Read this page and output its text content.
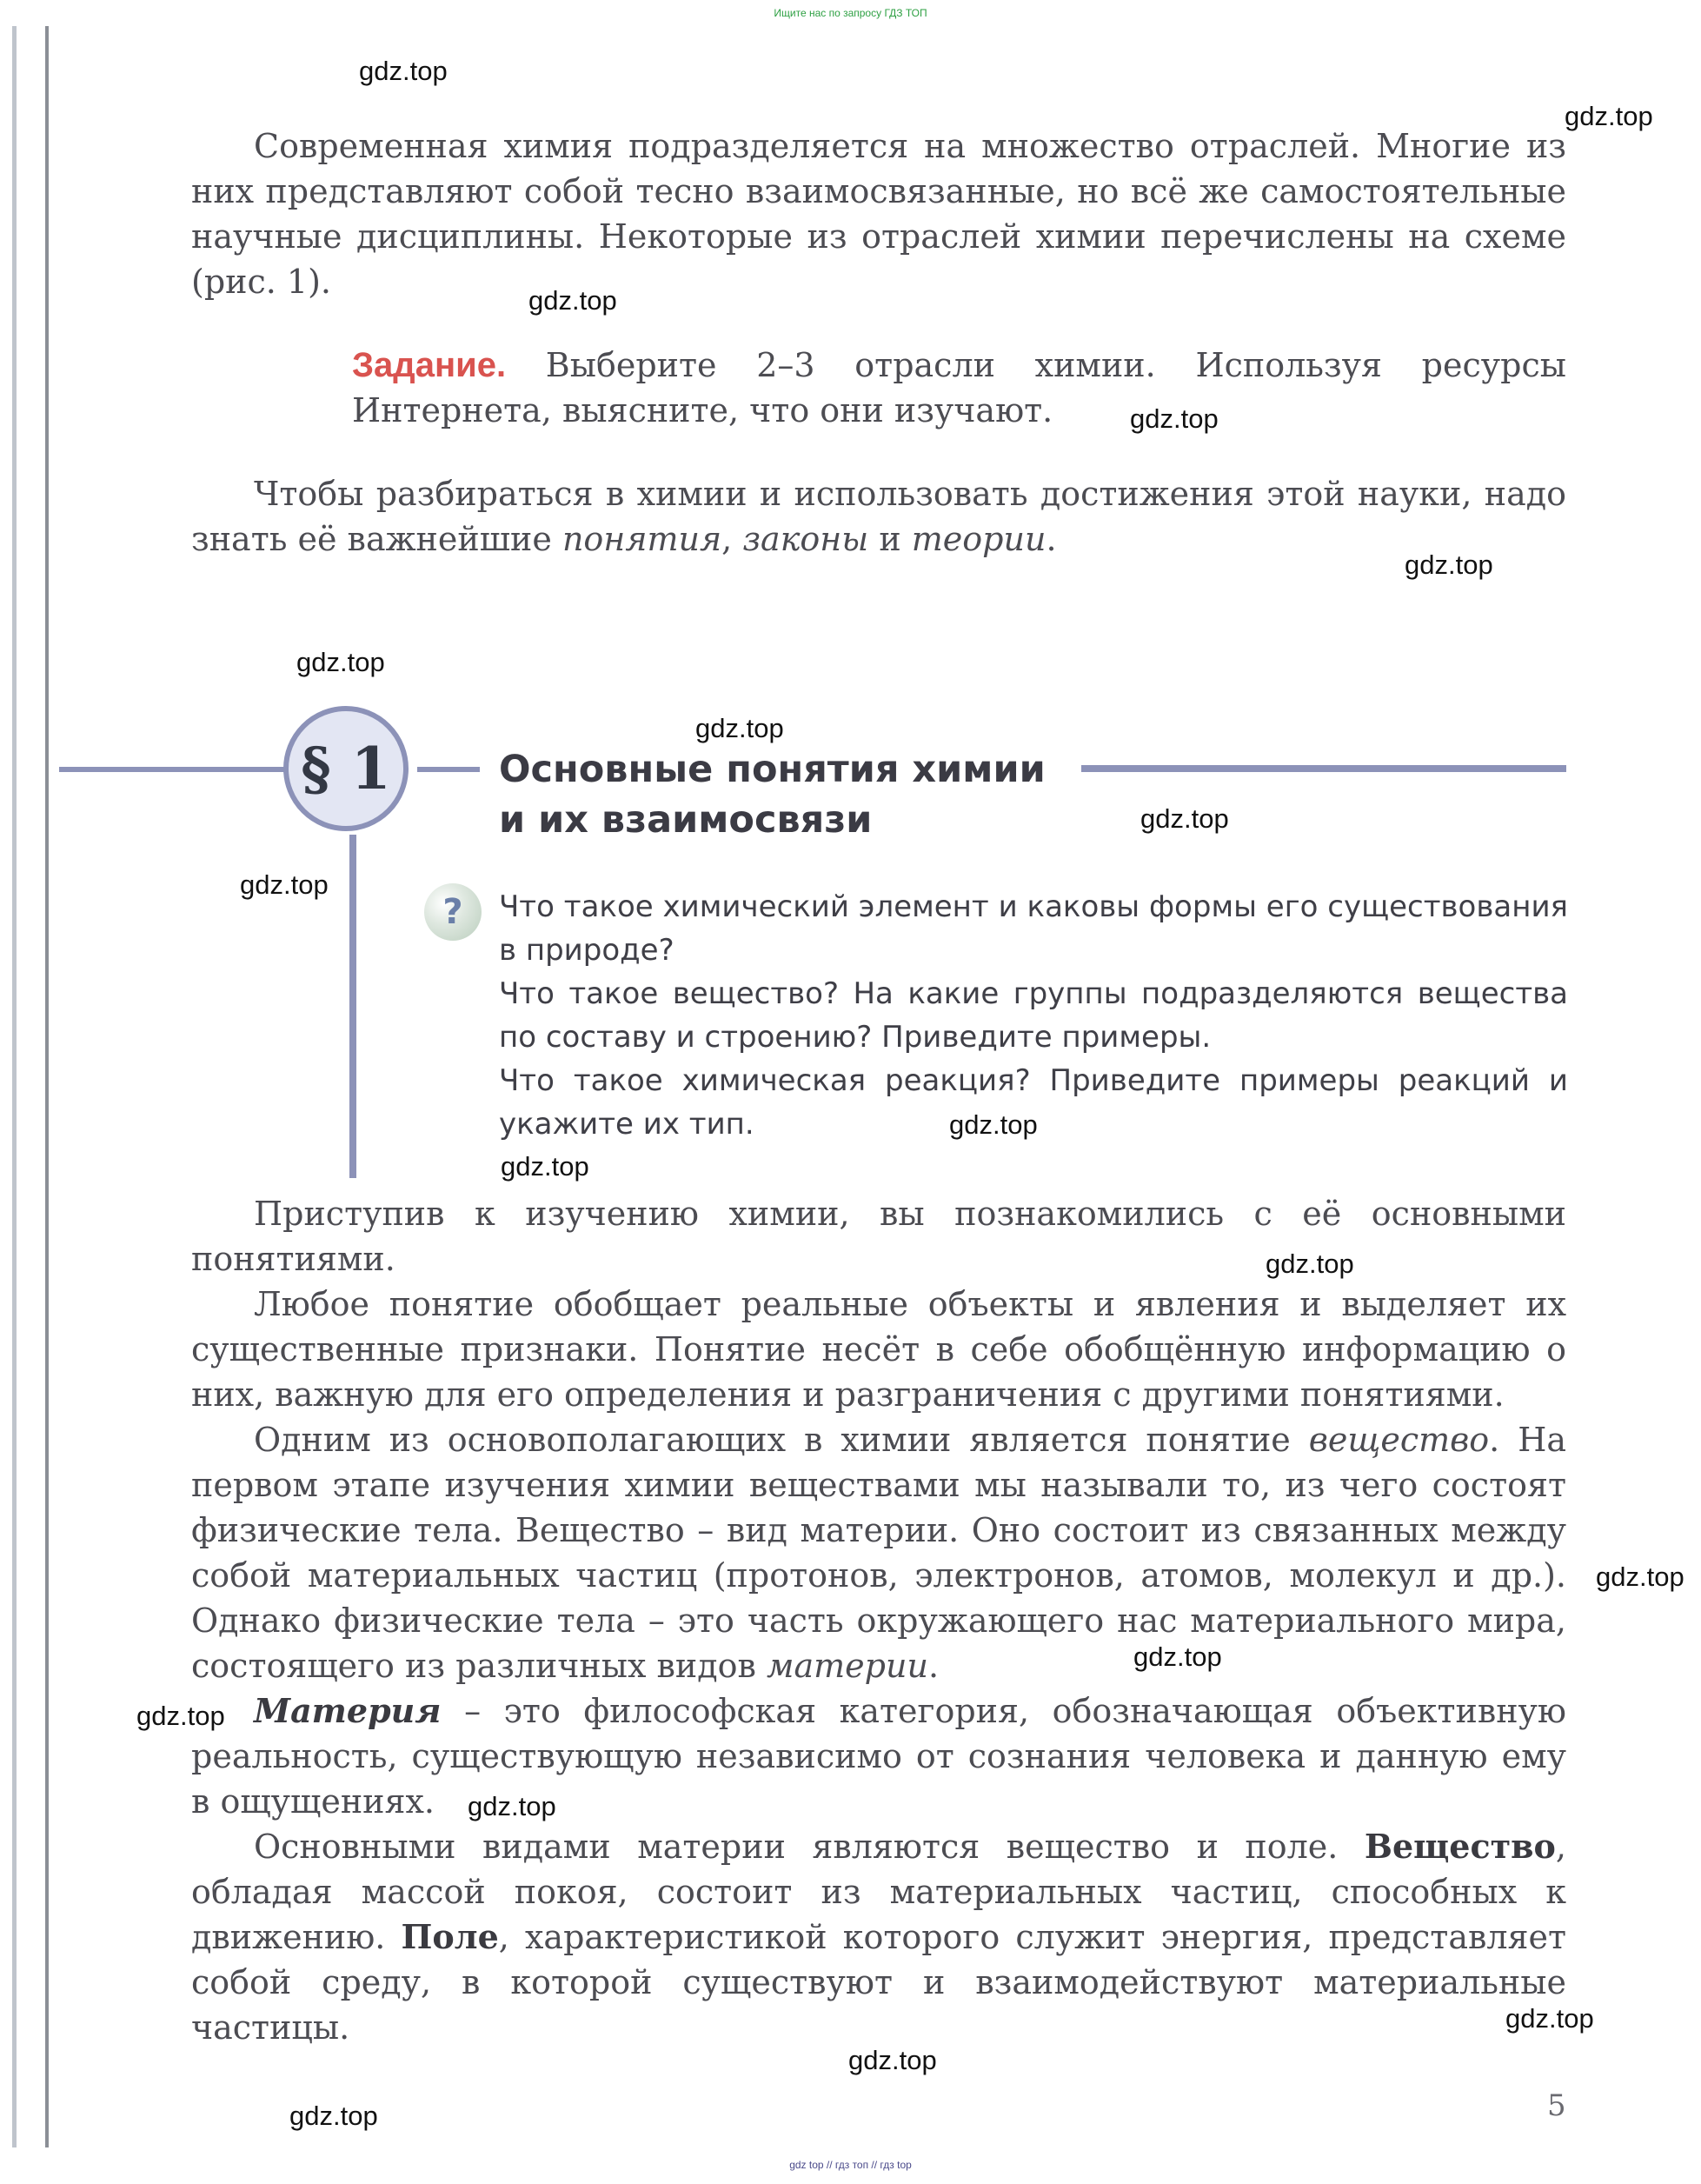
Ищите нас по запросу ГДЗ ТОП
gdz top // гдз топ // гдз top

Современная химия подразделяется на множество отраслей. Многие из них представляют собой тесно взаимосвязанные, но всё же самостоятельные научные дисциплины. Некоторые из отраслей химии перечислены на схеме (рис. 1).

Задание. Выберите 2–3 отрасли химии. Используя ресурсы Интернета, выясните, что они изучают.

Чтобы разбираться в химии и использовать достижения этой науки, надо знать её важнейшие понятия, законы и теории.

§ 1	Основные понятия химии
и их взаимосвязи
?	Что такое химический элемент и каковы формы его существования в природе?
Что такое вещество? На какие группы подразделяются вещества по составу и строению? Приведите примеры.
Что такое химическая реакция? Приведите примеры реакций и укажите их тип.

Приступив к изучению химии, вы познакомились с её основными понятиями.

Любое понятие обобщает реальные объекты и явления и выделяет их существенные признаки. Понятие несёт в себе обобщённую информацию о них, важную для его определения и разграничения с другими понятиями.

Одним из основополагающих в химии является понятие вещество. На первом этапе изучения химии веществами мы называли то, из чего состоят физические тела. Вещество – вид материи. Оно состоит из связанных между собой материальных частиц (протонов, электронов, атомов, молекул и др.). Однако физические тела – это часть окружающего нас материального мира, состоящего из различных видов материи.

Материя – это философская категория, обозначающая объективную реальность, существующую независимо от сознания человека и данную ему в ощущениях.

Основными видами материи являются вещество и поле. Вещество, обладая массой покоя, состоит из материальных частиц, способных к движению. Поле, характеристикой которого служит энергия, представляет собой среду, в которой существуют и взаимодействуют материальные частицы.

5
gdz.top
gdz.top
gdz.top
gdz.top
gdz.top
gdz.top
gdz.top
gdz.top
gdz.top
gdz.top
gdz.top
gdz.top
gdz.top
gdz.top
gdz.top
gdz.top
gdz.top
gdz.top
gdz.top
